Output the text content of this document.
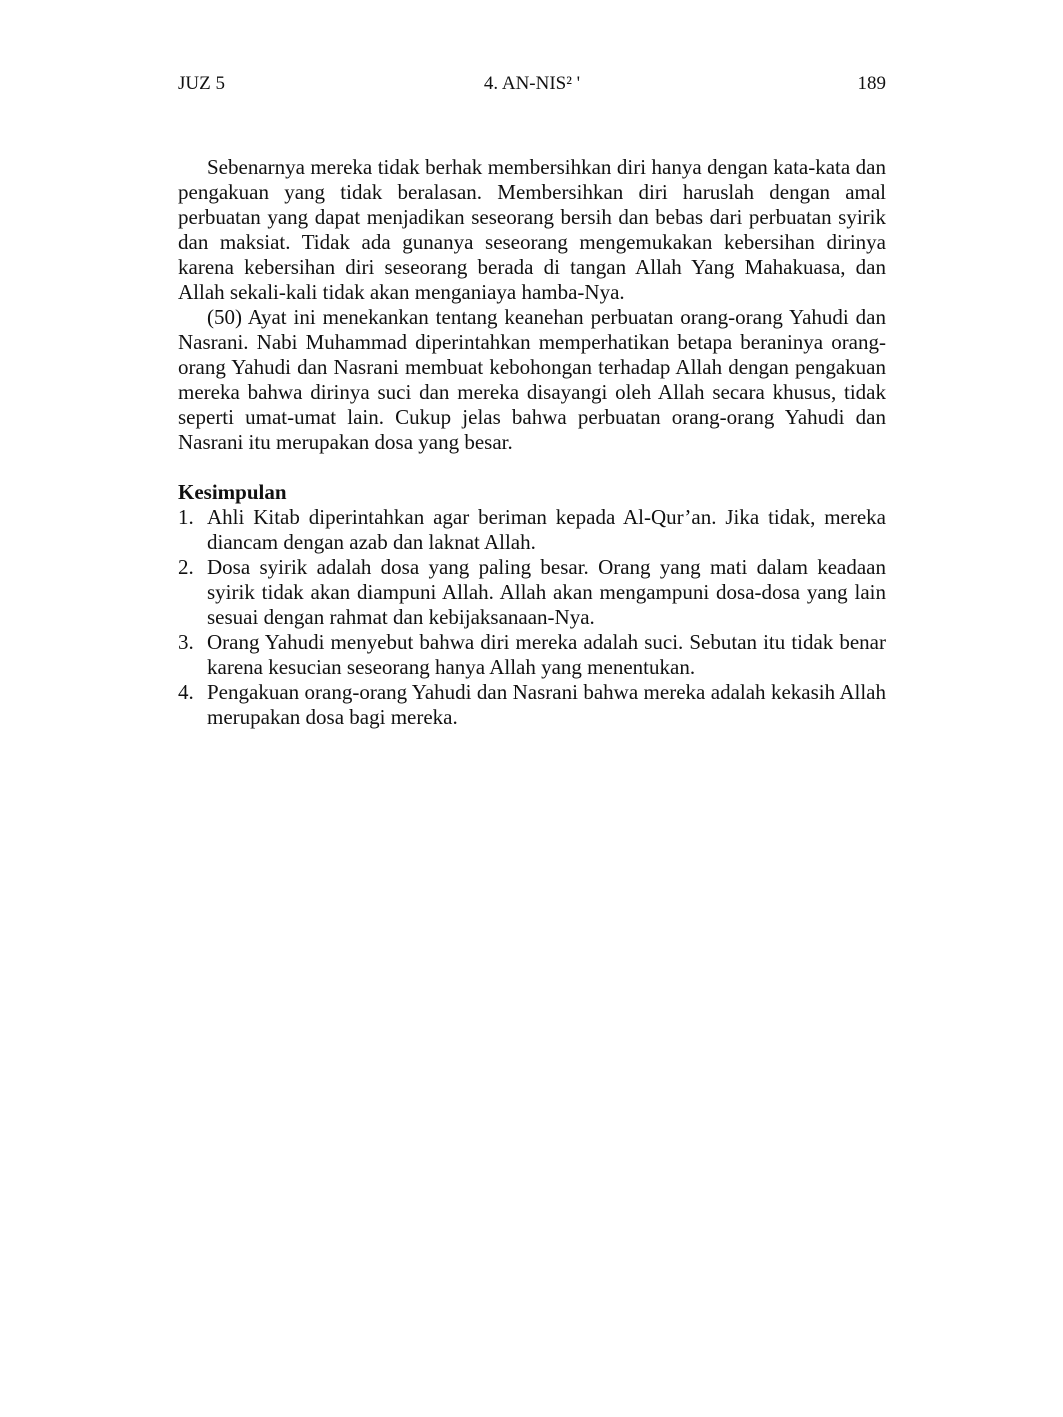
JUZ 5	4. AN-NIS² '	189

Sebenarnya mereka tidak berhak membersihkan diri hanya dengan kata-kata dan pengakuan yang tidak beralasan. Membersihkan diri haruslah dengan amal perbuatan yang dapat menjadikan seseorang bersih dan bebas dari perbuatan syirik dan maksiat. Tidak ada gunanya seseorang mengemukakan kebersihan dirinya karena kebersihan diri seseorang berada di tangan Allah Yang Mahakuasa, dan Allah sekali-kali tidak akan menganiaya hamba-Nya.

(50) Ayat ini menekankan tentang keanehan perbuatan orang-orang Yahudi dan Nasrani. Nabi Muhammad diperintahkan memperhatikan betapa beraninya orang-orang Yahudi dan Nasrani membuat kebohongan terhadap Allah dengan pengakuan mereka bahwa dirinya suci dan mereka disayangi oleh Allah secara khusus, tidak seperti umat-umat lain. Cukup jelas bahwa perbuatan orang-orang Yahudi dan Nasrani itu merupakan dosa yang besar.

Kesimpulan
1. Ahli Kitab diperintahkan agar beriman kepada Al-Qur’an. Jika tidak, mereka diancam dengan azab dan laknat Allah.
2. Dosa syirik adalah dosa yang paling besar. Orang yang mati dalam keadaan syirik tidak akan diampuni Allah. Allah akan mengampuni dosa-dosa yang lain sesuai dengan rahmat dan kebijaksanaan-Nya.
3. Orang Yahudi menyebut bahwa diri mereka adalah suci. Sebutan itu tidak benar karena kesucian seseorang hanya Allah yang menentukan.
4. Pengakuan orang-orang Yahudi dan Nasrani bahwa mereka adalah kekasih Allah merupakan dosa bagi mereka.
